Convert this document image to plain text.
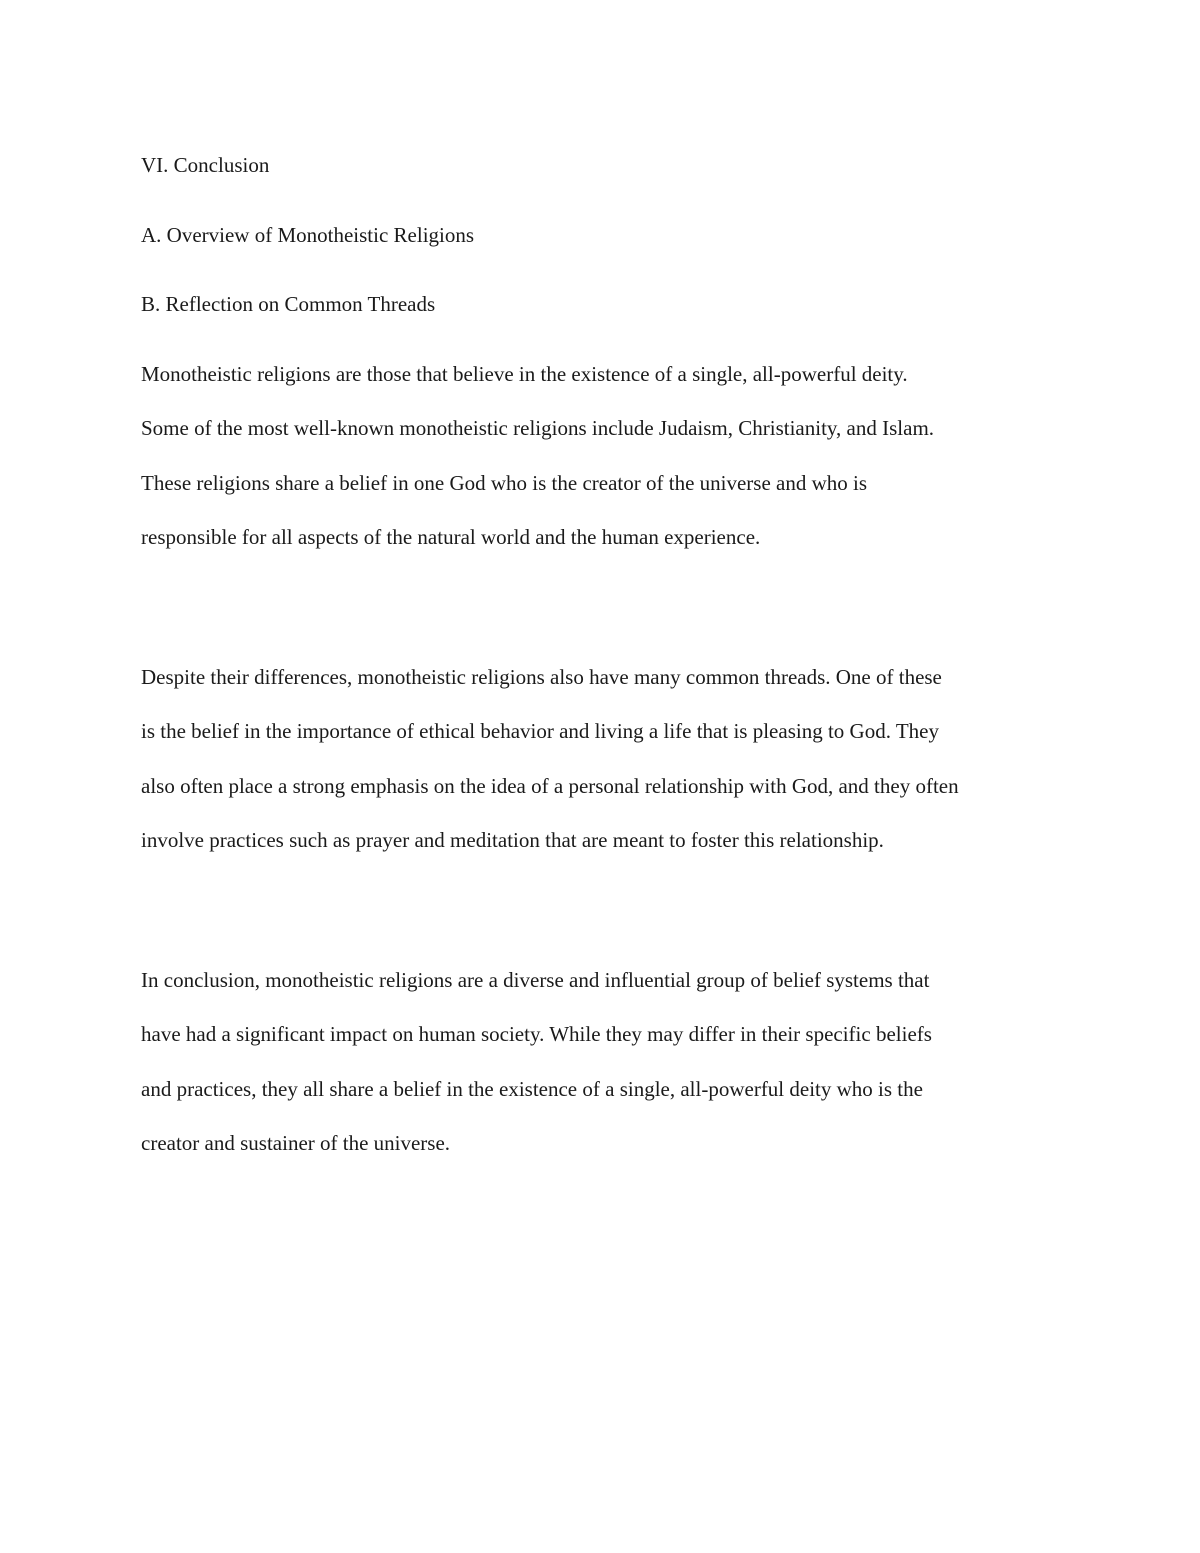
VI. Conclusion
A. Overview of Monotheistic Religions
B. Reflection on Common Threads
Monotheistic religions are those that believe in the existence of a single, all-powerful deity.
Some of the most well-known monotheistic religions include Judaism, Christianity, and Islam.
These religions share a belief in one God who is the creator of the universe and who is
responsible for all aspects of the natural world and the human experience.
Despite their differences, monotheistic religions also have many common threads. One of these
is the belief in the importance of ethical behavior and living a life that is pleasing to God. They
also often place a strong emphasis on the idea of a personal relationship with God, and they often
involve practices such as prayer and meditation that are meant to foster this relationship.
In conclusion, monotheistic religions are a diverse and influential group of belief systems that
have had a significant impact on human society. While they may differ in their specific beliefs
and practices, they all share a belief in the existence of a single, all-powerful deity who is the
creator and sustainer of the universe.
